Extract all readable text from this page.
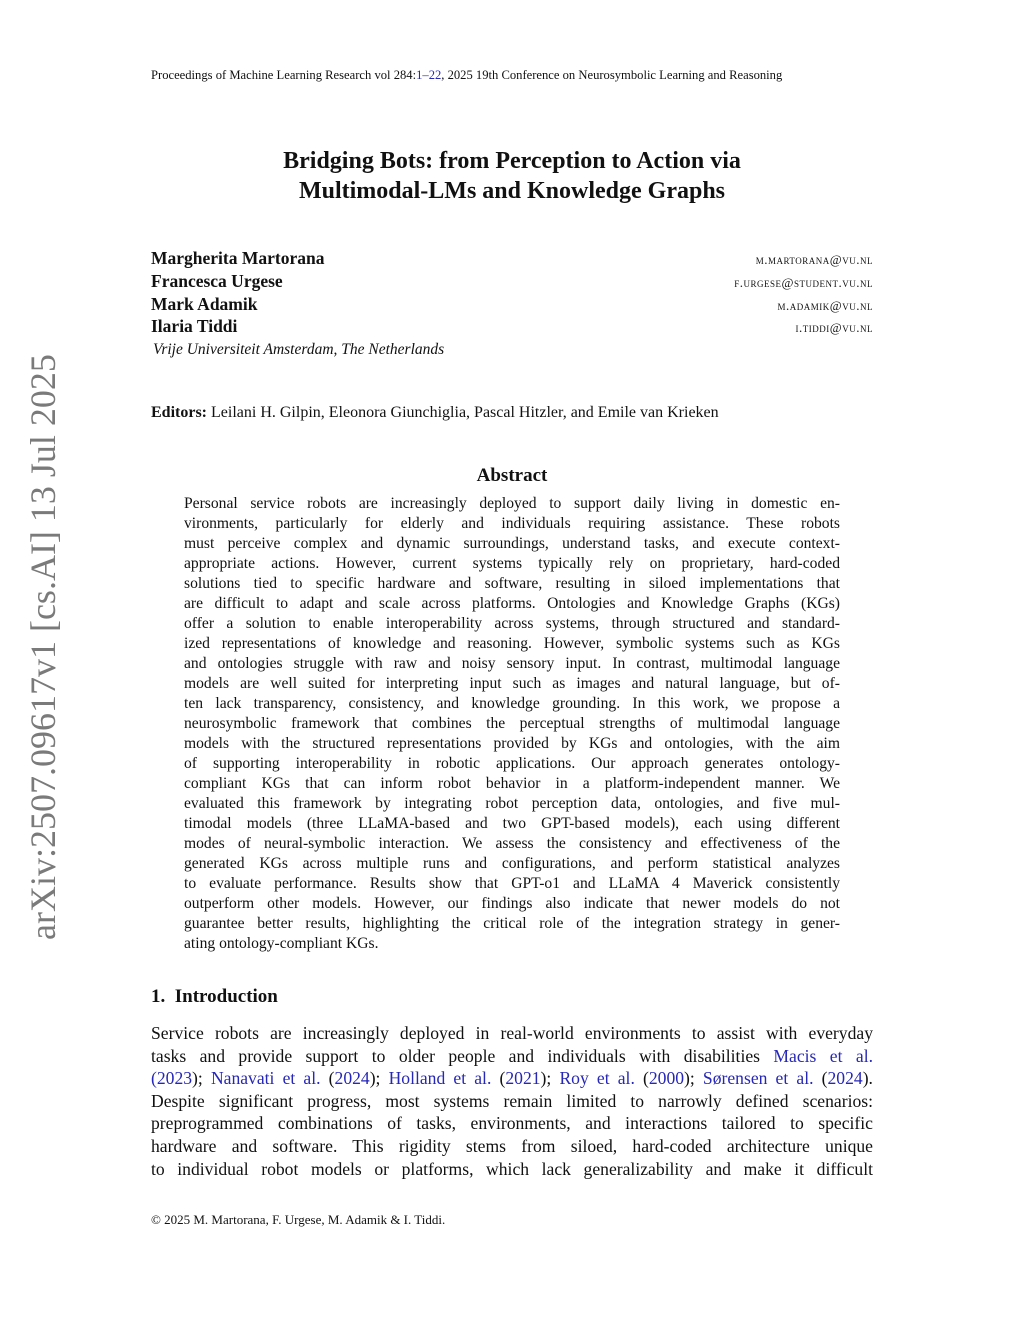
Proceedings of Machine Learning Research vol 284:1–22, 2025 19th Conference on Neurosymbolic Learning and Reasoning
Bridging Bots: from Perception to Action via
Multimodal-LMs and Knowledge Graphs
Margherita Martorana	m.martorana@vu.nl
Francesca Urgese	f.urgese@student.vu.nl
Mark Adamik	m.adamik@vu.nl
Ilaria Tiddi	i.tiddi@vu.nl
Vrije Universiteit Amsterdam, The Netherlands
Editors: Leilani H. Gilpin, Eleonora Giunchiglia, Pascal Hitzler, and Emile van Krieken
Abstract
Personal service robots are increasingly deployed to support daily living in domestic en-
vironments, particularly for elderly and individuals requiring assistance. These robots
must perceive complex and dynamic surroundings, understand tasks, and execute context-
appropriate actions. However, current systems typically rely on proprietary, hard-coded
solutions tied to specific hardware and software, resulting in siloed implementations that
are difficult to adapt and scale across platforms. Ontologies and Knowledge Graphs (KGs)
offer a solution to enable interoperability across systems, through structured and standard-
ized representations of knowledge and reasoning. However, symbolic systems such as KGs
and ontologies struggle with raw and noisy sensory input. In contrast, multimodal language
models are well suited for interpreting input such as images and natural language, but of-
ten lack transparency, consistency, and knowledge grounding. In this work, we propose a
neurosymbolic framework that combines the perceptual strengths of multimodal language
models with the structured representations provided by KGs and ontologies, with the aim
of supporting interoperability in robotic applications. Our approach generates ontology-
compliant KGs that can inform robot behavior in a platform-independent manner. We
evaluated this framework by integrating robot perception data, ontologies, and five mul-
timodal models (three LLaMA-based and two GPT-based models), each using different
modes of neural-symbolic interaction. We assess the consistency and effectiveness of the
generated KGs across multiple runs and configurations, and perform statistical analyzes
to evaluate performance. Results show that GPT-o1 and LLaMA 4 Maverick consistently
outperform other models. However, our findings also indicate that newer models do not
guarantee better results, highlighting the critical role of the integration strategy in gener-
ating ontology-compliant KGs.
1. Introduction
Service robots are increasingly deployed in real-world environments to assist with everyday
tasks and provide support to older people and individuals with disabilities Macis et al.
(2023); Nanavati et al. (2024); Holland et al. (2021); Roy et al. (2000); Sørensen et al. (2024).
Despite significant progress, most systems remain limited to narrowly defined scenarios:
preprogrammed combinations of tasks, environments, and interactions tailored to specific
hardware and software. This rigidity stems from siloed, hard-coded architecture unique
to individual robot models or platforms, which lack generalizability and make it difficult
© 2025 M. Martorana, F. Urgese, M. Adamik & I. Tiddi.
arXiv:2507.09617v1 [cs.AI] 13 Jul 2025
